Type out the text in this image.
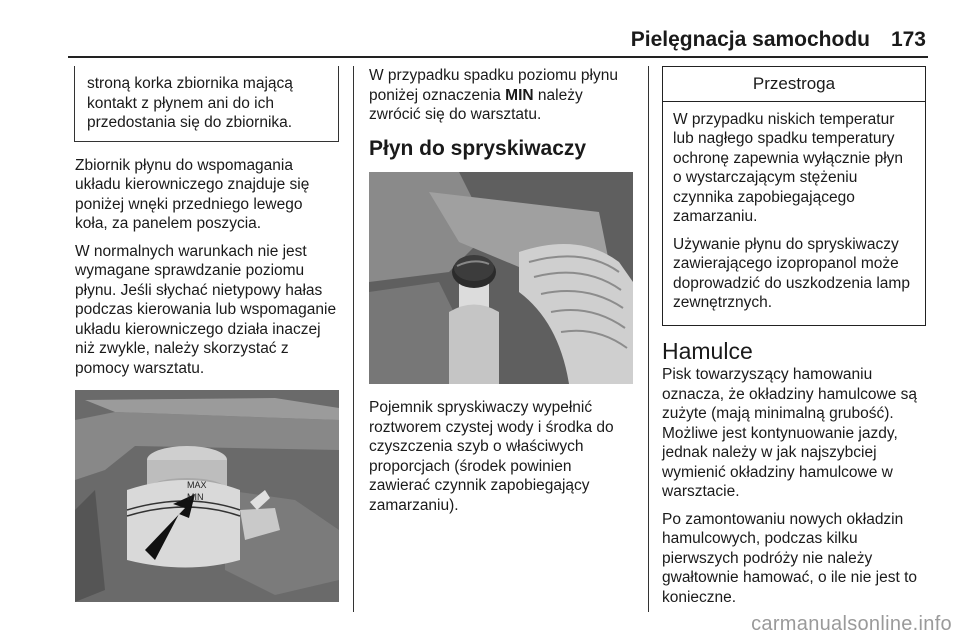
Pielęgnacja samochodu 173
stroną korka zbiornika mającą kontakt z płynem ani do ich przedostania się do zbiornika.

Zbiornik płynu do wspomagania układu kierowniczego znajduje się poniżej wnęki przedniego lewego koła, za panelem poszycia.

W normalnych warunkach nie jest wymagane sprawdzanie poziomu płynu. Jeśli słychać nietypowy hałas podczas kierowania lub wspomaganie układu kierowniczego działa inaczej niż zwykle, należy skorzystać z pomocy warsztatu.

MAX
MIN

W przypadku spadku poziomu płynu poniżej oznaczenia MIN należy zwrócić się do warsztatu.

Płyn do spryskiwaczy

Pojemnik spryskiwaczy wypełnić roztworem czystej wody i środka do czyszczenia szyb o właściwych proporcjach (środek powinien zawierać czynnik zapobiegający zamarzaniu).

Przestroga

W przypadku niskich temperatur lub nagłego spadku temperatury ochronę zapewnia wyłącznie płyn o wystarczającym stężeniu czynnika zapobiegającego zamarzaniu.

Używanie płynu do spryskiwaczy zawierającego izopropanol może doprowadzić do uszkodzenia lamp zewnętrznych.

Hamulce

Pisk towarzyszący hamowaniu oznacza, że okładziny hamulcowe są zużyte (mają minimalną grubość). Możliwe jest kontynuowanie jazdy, jednak należy w jak najszybciej wymienić okładziny hamulcowe w warsztacie.

Po zamontowaniu nowych okładzin hamulcowych, podczas kilku pierwszych podróży nie należy gwałtownie hamować, o ile nie jest to konieczne.

carmanualsonline.info
